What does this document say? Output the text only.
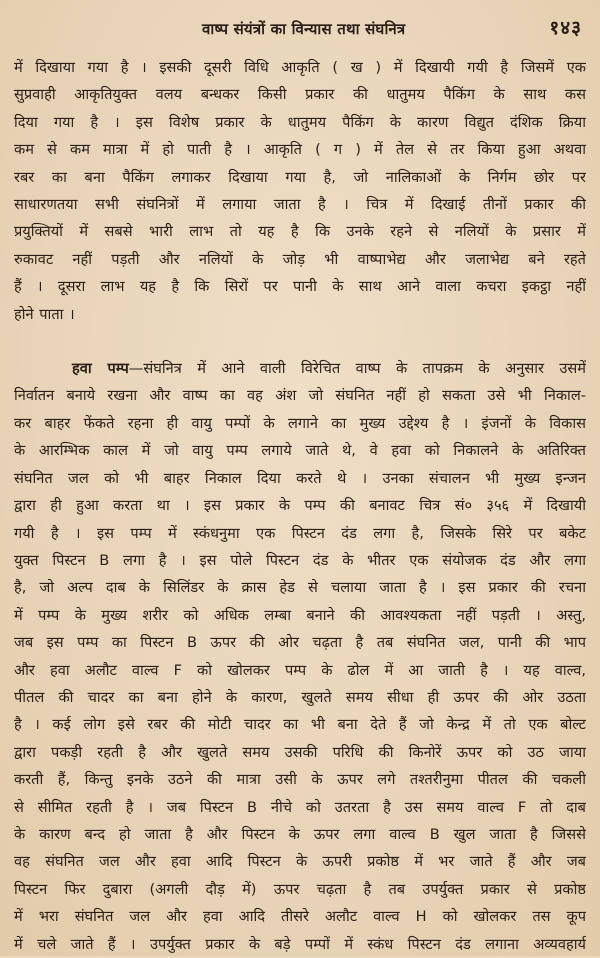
वाष्प संयंत्रों का विन्यास तथा संघनित्र	१४३
में दिखाया गया है । इसकी दूसरी विधि आकृति ( ख ) में दिखायी गयी है जिसमें एक
सुप्रवाही आकृतियुक्त वलय बन्धकर किसी प्रकार की धातुमय पैकिंग के साथ कस
दिया गया है । इस विशेष प्रकार के धातुमय पैकिंग के कारण विद्युत दंशिक क्रिया
कम से कम मात्रा में हो पाती है । आकृति ( ग ) में तेल से तर किया हुआ अथवा
रबर का बना पैकिंग लगाकर दिखाया गया है, जो नालिकाओं के निर्गम छोर पर
साधारणतया सभी संघनित्रों में लगाया जाता है । चित्र में दिखाई तीनों प्रकार की
प्रयुक्तियों में सबसे भारी लाभ तो यह है कि उनके रहने से नलियों के प्रसार में
रुकावट नहीं पड़ती और नलियों के जोड़ भी वाष्पाभेद्य और जलाभेद्य बने रहते
हैं । दूसरा लाभ यह है कि सिरों पर पानी के साथ आने वाला कचरा इकट्ठा नहीं
होने पाता ।
हवा पम्प—संघनित्र में आने वाली विरेचित वाष्प के तापक्रम के अनुसार उसमें
निर्वातन बनाये रखना और वाष्प का वह अंश जो संघनित नहीं हो सकता उसे भी निकाल-
कर बाहर फेंकते रहना ही वायु पम्पों के लगाने का मुख्य उद्देश्य है । इंजनों के विकास
के आरम्भिक काल में जो वायु पम्प लगाये जाते थे, वे हवा को निकालने के अतिरिक्त
संघनित जल को भी बाहर निकाल दिया करते थे । उनका संचालन भी मुख्य इन्जन
द्वारा ही हुआ करता था । इस प्रकार के पम्प की बनावट चित्र सं० ३५६ में दिखायी
गयी है । इस पम्प में स्कंधनुमा एक पिस्टन दंड लगा है, जिसके सिरे पर बकेट
युक्त पिस्टन B लगा है । इस पोले पिस्टन दंड के भीतर एक संयोजक दंड और लगा
है, जो अल्प दाब के सिलिंडर के क्रास हेड से चलाया जाता है । इस प्रकार की रचना
में पम्प के मुख्य शरीर को अधिक लम्बा बनाने की आवश्यकता नहीं पड़ती । अस्तु,
जब इस पम्प का पिस्टन B ऊपर की ओर चढ़ता है तब संघनित जल, पानी की भाप
और हवा अलौट वाल्व F को खोलकर पम्प के ढोल में आ जाती है । यह वाल्व,
पीतल की चादर का बना होने के कारण, खुलते समय सीधा ही ऊपर की ओर उठता
है । कई लोग इसे रबर की मोटी चादर का भी बना देते हैं जो केन्द्र में तो एक बोल्ट
द्वारा पकड़ी रहती है और खुलते समय उसकी परिधि की किनोरें ऊपर को उठ जाया
करती हैं, किन्तु इनके उठने की मात्रा उसी के ऊपर लगे तश्तरीनुमा पीतल की चकली
से सीमित रहती है । जब पिस्टन B नीचे को उतरता है उस समय वाल्व F तो दाब
के कारण बन्द हो जाता है और पिस्टन के ऊपर लगा वाल्व B खुल जाता है जिससे
वह संघनित जल और हवा आदि पिस्टन के ऊपरी प्रकोष्ठ में भर जाते हैं और जब
पिस्टन फिर दुबारा (अगली दौड़ में) ऊपर चढ़ता है तब उपर्युक्त प्रकार से प्रकोष्ठ
में भरा संघनित जल और हवा आदि तीसरे अलौट वाल्व H को खोलकर तस कूप
में चले जाते हैं । उपर्युक्त प्रकार के बड़े पम्पों में स्कंध पिस्टन दंड लगाना अव्यवहार्य
